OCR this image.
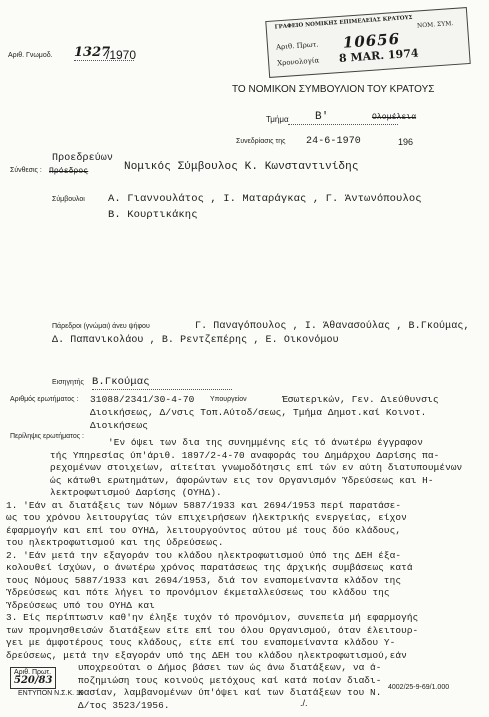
ΓΡΑΦΕΙΟ ΝΟΜΙΚΗΣ ΕΠΙΜΕΛΕΙΑΣ ΚΡΑΤΟΥΣ ΝΟΜ. ΣΥΜ.
Αριθ. Πρωτ. 10656
Χρονολογία 8 MAR. 1974
Αριθ. Γνωμοδ. 1327
/1970
ΤΟ ΝΟΜΙΚΟΝ ΣΥΜΒΟΥΛΙΟΝ ΤΟΥ ΚΡΑΤΟΥΣ
Τμήμα Β'	Ολομέλεια
Συνεδρίασις της 24-6-1970	196
Σύνθεσις : Πρόεδρος
Προεδρεύων
Νομικός Σύμβουλος Κ. Κωνσταντινίδης
Σύμβουλοι Α. Γιαννουλάτος , Ι. Ματαράγκας , Γ. Άντωνόπουλος
Β. Κουρτικάκης
Πάρεδροι (γνώμαι) άνευ ψήφου	Γ. Παναγόπουλος , Ι. Άθανασούλας , Β.Γκούμας, Δ. Παπανικολάου , Β. Ρεντζεπέρης , Ε. Οικονόμου
Εισηγητής Β.Γκούμας
Αριθμός ερωτήματος : 31088/2341/30-4-70 Υπουργείον	Έσωτερικών, Γεν. Διεύθυνσις
Διοικήσεως, Δ/νσις Τοπ.Αύτοδ/σεως, Τμήμα Δημοτ.καί Κοινοτ.
Διοικήσεως
Περίληψις ερωτήματος :
'Εν όψει των δια της συνημμένης είς τό άνωτέρω έγγραφον
τής Υπηρεσίας ύπ'άριθ. 1897/2-4-70 αναφοράς του Δημάρχου Δαρίσης πα-
ρεχομένων στοιχείων, αίτείται γνωμοδότησις επί τών εν αύτη διατυπουμένων
ώς κάτωθι ερωτημάτων, άφορώντων εις τον Οργανισμόν Ύδρεύσεως και Η-
λεκτροφωτισμού Δαρίσης (ΟΥΗΔ).
1. 'Εάν αι διατάξεις των Νόμων 5887/1933 και 2694/1953 περί παρατάσε-
ως του χρόνου λειτουργίας τών επιχειρήσεων ήλεκτρικής ενεργείας, είχον
έφαρμογήν και επί του ΟΥΗΔ, λειτουργούντος αύτου μέ τους δύο κλάδους,
του ηλεκτροφωτισμού και της ύδρεύσεως.
2. 'Εάν μετά την εξαγοράν του κλάδου ηλεκτροφωτισμού ύπό της ΔΕΗ έξα-
κολουθεί ίσχύων, ο άνωτέρω χρόνος παρατάσεως της άρχικής συμβάσεως κατά
τους Νόμους 5887/1933 και 2694/1953, διά τον εναπομείναντα κλάδον της
Ύδρεύσεως και πότε λήγει το προνόμιον έκμεταλλεύσεως του κλάδου της
Ύδρεύσεως υπό του ΟΥΗΔ και
3. Είς περίπτωσιν καθ'ην έληξε τυχόν τό προνόμιον, συνεπεία μή εφαρμογής
των προμνησθεισών διατάξεων είτε επί του όλου Οργανισμού, όταν έλειτουρ-
γει με άμφοτέρους τους κλάδους, είτε επί του εναπομείναντα κλάδου Υ-
δρεύσεως, μετά την εξαγοράν υπό της ΔΕΗ του κλάδου ηλεκτροφωτισμού,εάν
υποχρεούται ο Δήμος βάσει των ώς άνω διατάξεων, να ά-
ποζημιώση τους κοινούς μετόχους καί κατά ποίαν διαδι-
κασίαν, λαμβανομένων ύπ'όψει καί των διατάξεων του Ν.
Δ/τος 3523/1956.
Αριθ. Πρωτ.
520/83
ΕΝΤΥΠΟΝ Ν.Σ.Κ. 19
4002/25-9-69/1.000
./.
